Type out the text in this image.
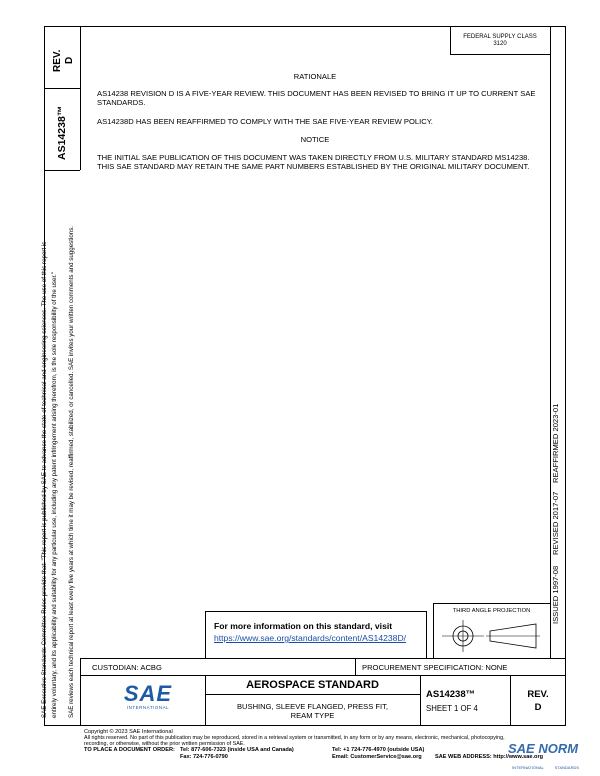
SAE Executive Standards Committee Rules provide that: "This report is published by SAE to advance the state of technical and engineering sciences. The use of this report is entirely voluntary, and its applicability and suitability for any particular use, including any patent infringement arising therefrom, is the sole responsibility of the user." SAE reviews each technical report at least every five years at which time it may be revised, reaffirmed, stabilized, or cancelled. SAE invites your written comments and suggestions.
REV. D
AS14238™
FEDERAL SUPPLY CLASS
3120
ISSUED 1997-08
REVISED 2017-07
REAFFIRMED 2023-01
RATIONALE
AS14238 REVISION D IS A FIVE-YEAR REVIEW. THIS DOCUMENT HAS BEEN REVISED TO BRING IT UP TO CURRENT SAE STANDARDS.
AS14238D HAS BEEN REAFFIRMED TO COMPLY WITH THE SAE FIVE-YEAR REVIEW POLICY.
NOTICE
THE INITIAL SAE PUBLICATION OF THIS DOCUMENT WAS TAKEN DIRECTLY FROM U.S. MILITARY STANDARD MS14238. THIS SAE STANDARD MAY RETAIN THE SAME PART NUMBERS ESTABLISHED BY THE ORIGINAL MILITARY DOCUMENT.
For more information on this standard, visit
https://www.sae.org/standards/content/AS14238D/
THIRD ANGLE PROJECTION
CUSTODIAN: ACBG	PROCUREMENT SPECIFICATION: NONE
SAE
INTERNATIONAL
AEROSPACE STANDARD
BUSHING, SLEEVE FLANGED, PRESS FIT,
REAM TYPE
AS14238™
SHEET 1 OF 4
REV.
D
Copyright © 2023 SAE International
All rights reserved. No part of this publication may be reproduced, stored in a retrieval system or transmitted, in any form or by any means, electronic, mechanical, photocopying,
recording, or otherwise, without the prior written permission of SAE.
TO PLACE A DOCUMENT ORDER: Tel: 877-606-7323 (inside USA and Canada)
Fax: 724-776-0790
Tel: +1 724-776-4970 (outside USA)
Email: CustomerService@sae.org SAE WEB ADDRESS: http://www.sae.org
SAE NORM
INTERNATIONAL          STANDARDS
